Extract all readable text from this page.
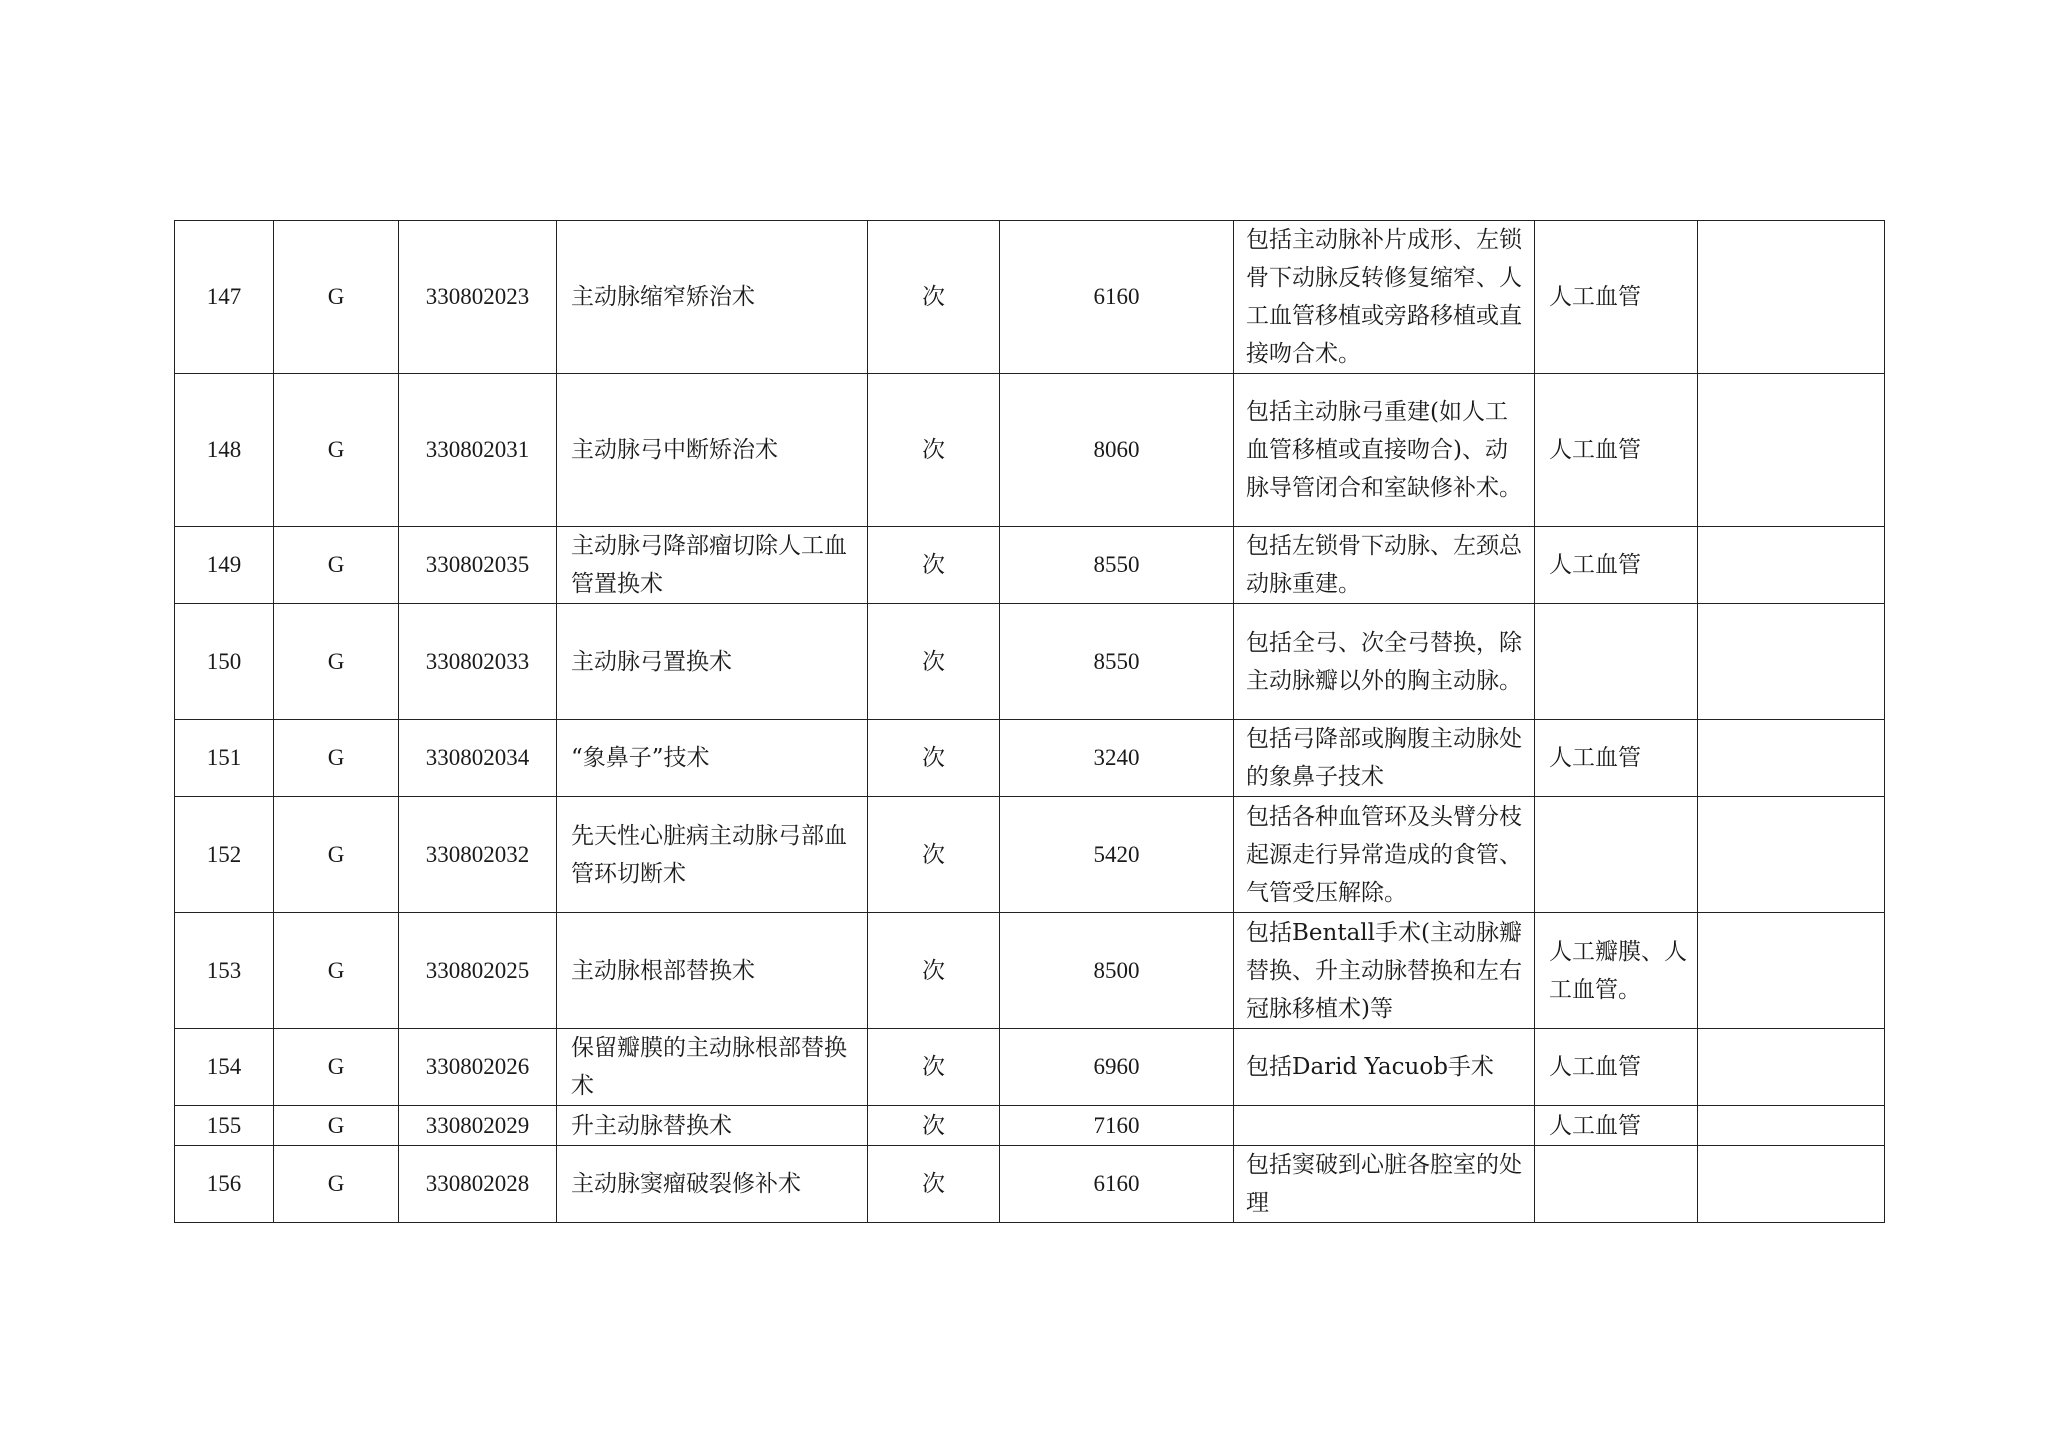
147	G	330802023	主动脉缩窄矫治术	次	6160	包括主动脉补片成形、左锁骨下动脉反转修复缩窄、人工血管移植或旁路移植或直接吻合术。	人工血管	
148	G	330802031	主动脉弓中断矫治术	次	8060	包括主动脉弓重建(如人工血管移植或直接吻合)、动脉导管闭合和室缺修补术。	人工血管	
149	G	330802035	主动脉弓降部瘤切除人工血管置换术	次	8550	包括左锁骨下动脉、左颈总动脉重建。	人工血管	
150	G	330802033	主动脉弓置换术	次	8550	包括全弓、次全弓替换，除主动脉瓣以外的胸主动脉。		
151	G	330802034	“象鼻子”技术	次	3240	包括弓降部或胸腹主动脉处的象鼻子技术	人工血管	
152	G	330802032	先天性心脏病主动脉弓部血管环切断术	次	5420	包括各种血管环及头臂分枝起源走行异常造成的食管、气管受压解除。		
153	G	330802025	主动脉根部替换术	次	8500	包括Bentall手术(主动脉瓣替换、升主动脉替换和左右冠脉移植术)等	人工瓣膜、人工血管。	
154	G	330802026	保留瓣膜的主动脉根部替换术	次	6960	包括Darid Yacuob手术	人工血管	
155	G	330802029	升主动脉替换术	次	7160		人工血管	
156	G	330802028	主动脉窦瘤破裂修补术	次	6160	包括窦破到心脏各腔室的处理		
